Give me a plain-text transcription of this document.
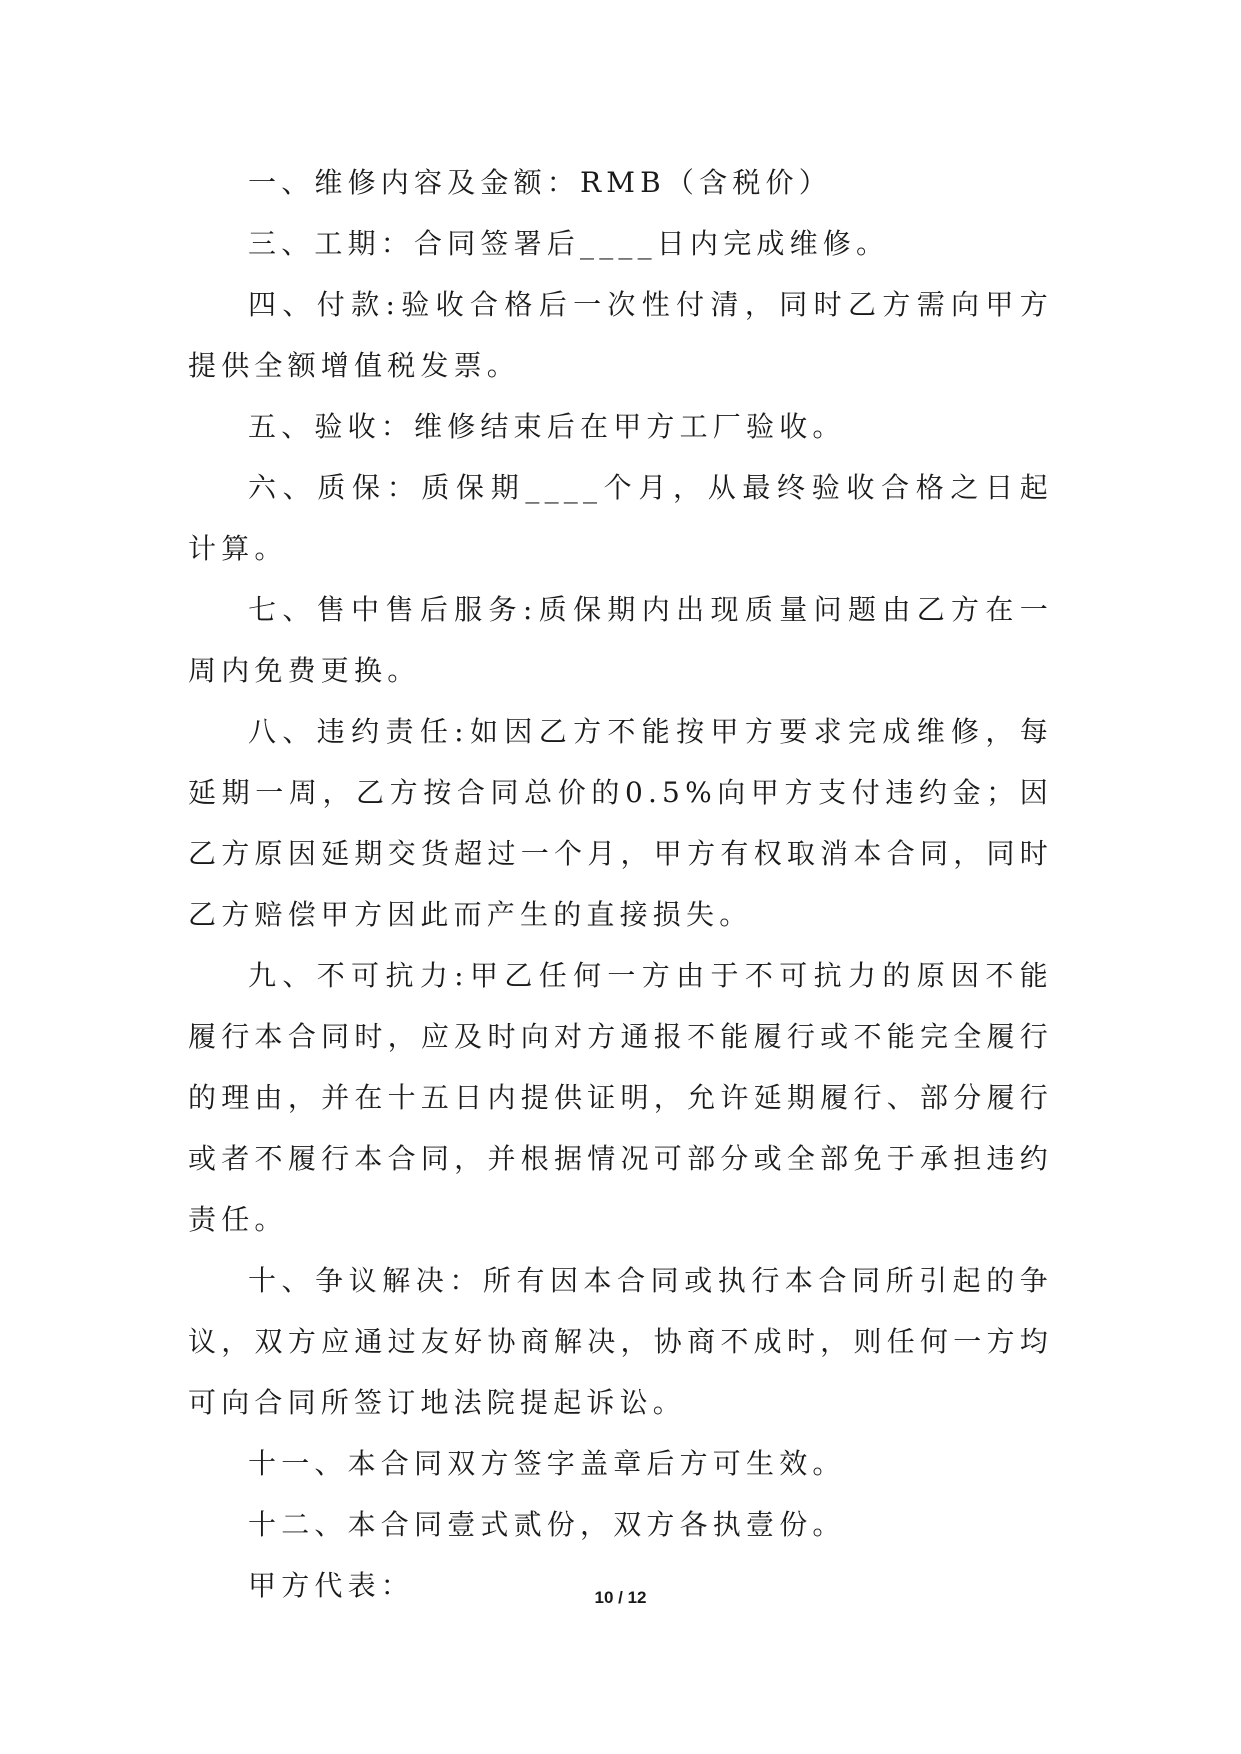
一、维修内容及金额：RMB（含税价）

三、工期：合同签署后____日内完成维修。

四、付款:验收合格后一次性付清，同时乙方需向甲方提供全额增值税发票。

五、验收：维修结束后在甲方工厂验收。

六、质保：质保期____个月，从最终验收合格之日起计算。

七、售中售后服务:质保期内出现质量问题由乙方在一周内免费更换。

八、违约责任:如因乙方不能按甲方要求完成维修，每延期一周，乙方按合同总价的0.5%向甲方支付违约金；因乙方原因延期交货超过一个月，甲方有权取消本合同，同时乙方赔偿甲方因此而产生的直接损失。

九、不可抗力:甲乙任何一方由于不可抗力的原因不能履行本合同时，应及时向对方通报不能履行或不能完全履行的理由，并在十五日内提供证明，允许延期履行、部分履行或者不履行本合同，并根据情况可部分或全部免于承担违约责任。

十、争议解决：所有因本合同或执行本合同所引起的争议，双方应通过友好协商解决，协商不成时，则任何一方均可向合同所签订地法院提起诉讼。

十一、本合同双方签字盖章后方可生效。

十二、本合同壹式贰份，双方各执壹份。

甲方代表：	10 / 12
